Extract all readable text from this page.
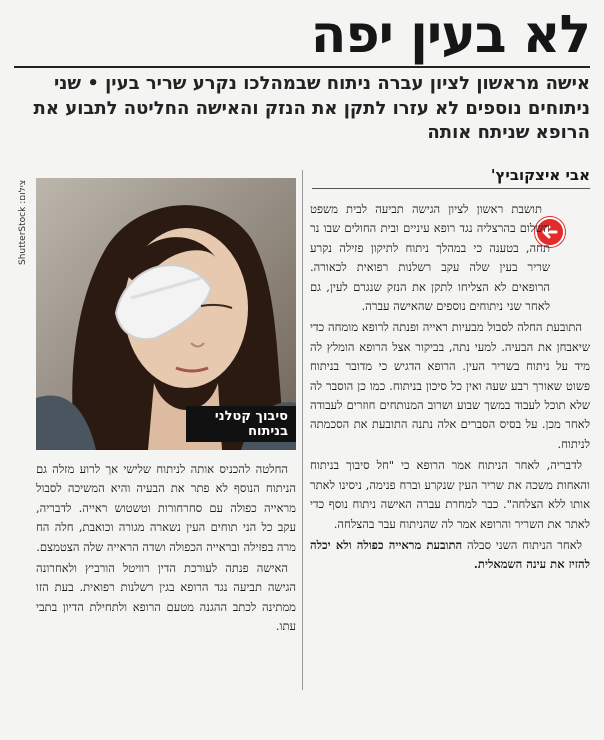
לא בעין יפה
אישה מראשון לציון עברה ניתוח שבמהלכו נקרע שריר בעין • שני ניתוחים נוספים לא עזרו לתקן את הנזק והאישה החליטה לתבוע את הרופא שניתח אותה
אבי איצקוביץ'

תושבת ראשון לציון הגישה תביעה לבית משפט השלום בהרצליה נגד רופא עיניים ובית החולים שבו נר תחה, בטענה כי במהלך ניתוח לתיקון פזילה נקרע שריר בעין שלה עקב רשלנות רפואית לכאורה. הרופאים לא הצליחו לתקן את הנזק שנגרם לעין, גם לאחר שני ניתוחים נוספים שהאישה עברה.

התובעת החלה לסבול מבעיות ראייה ופנתה לרופא מומחה כדי שיאבחן את הבעיה. למעי נתה, בביקור אצל הרופא הומלץ לה מיד על ניתוח בשריר העין. הרופא הדגיש כי מדובר בניתוח פשוט שאורך רבע שעה ואין כל סיכון בניתוח. כמו כן הוסבר לה שלא תוכל לעבוד במשך שבוע ושרוב המנותחים חוזרים לעבודה לאחר מכן. על בסיס הסברים אלה נתנה התובעת את הסכמתה לניתוח.

לדבריה, לאחר הניתוח אמר הרופא כי "חל סיבוך בניתוח והאחות משכה את שריר העין שנקרע וברח פנימה, ניסינו לאתר אותו ללא הצלחה". כבר למחרת עברה האישה ניתוח נוסף כדי לאתר את השריר והרופא אמר לה שהניתוח עבר בהצלחה.

לאחר הניתוח השני סבלה התובעת מראייה כפולה ולא יכלה להזיז את עינה השמאלית.

צילום: ShutterStock
סיבוך קטלני בניתוח

החלטה להכניס אותה לניתוח שלישי אך לרוע מזלה גם הניתוח הנוסף לא פתר את הבעיה והיא המשיכה לסבול מראייה כפולה עם סחרחורות וטשטוש ראייה. לדבריה, עקב כל הני תוחים העין נשארה מגורה וכואבת, חלה הח מרה בפזילה ובראייה הכפולה ושדה הראייה שלה הצטמצם.

האישה פנתה לעורכת הדין רוויטל הורביץ ולאחרונה הגישה תביעה נגד הרופא בגין רשלנות רפואית. בעת הזו ממתינה לכתב ההגנה מטעם הרופא ולתחילת הדיון בתבי עתו.
